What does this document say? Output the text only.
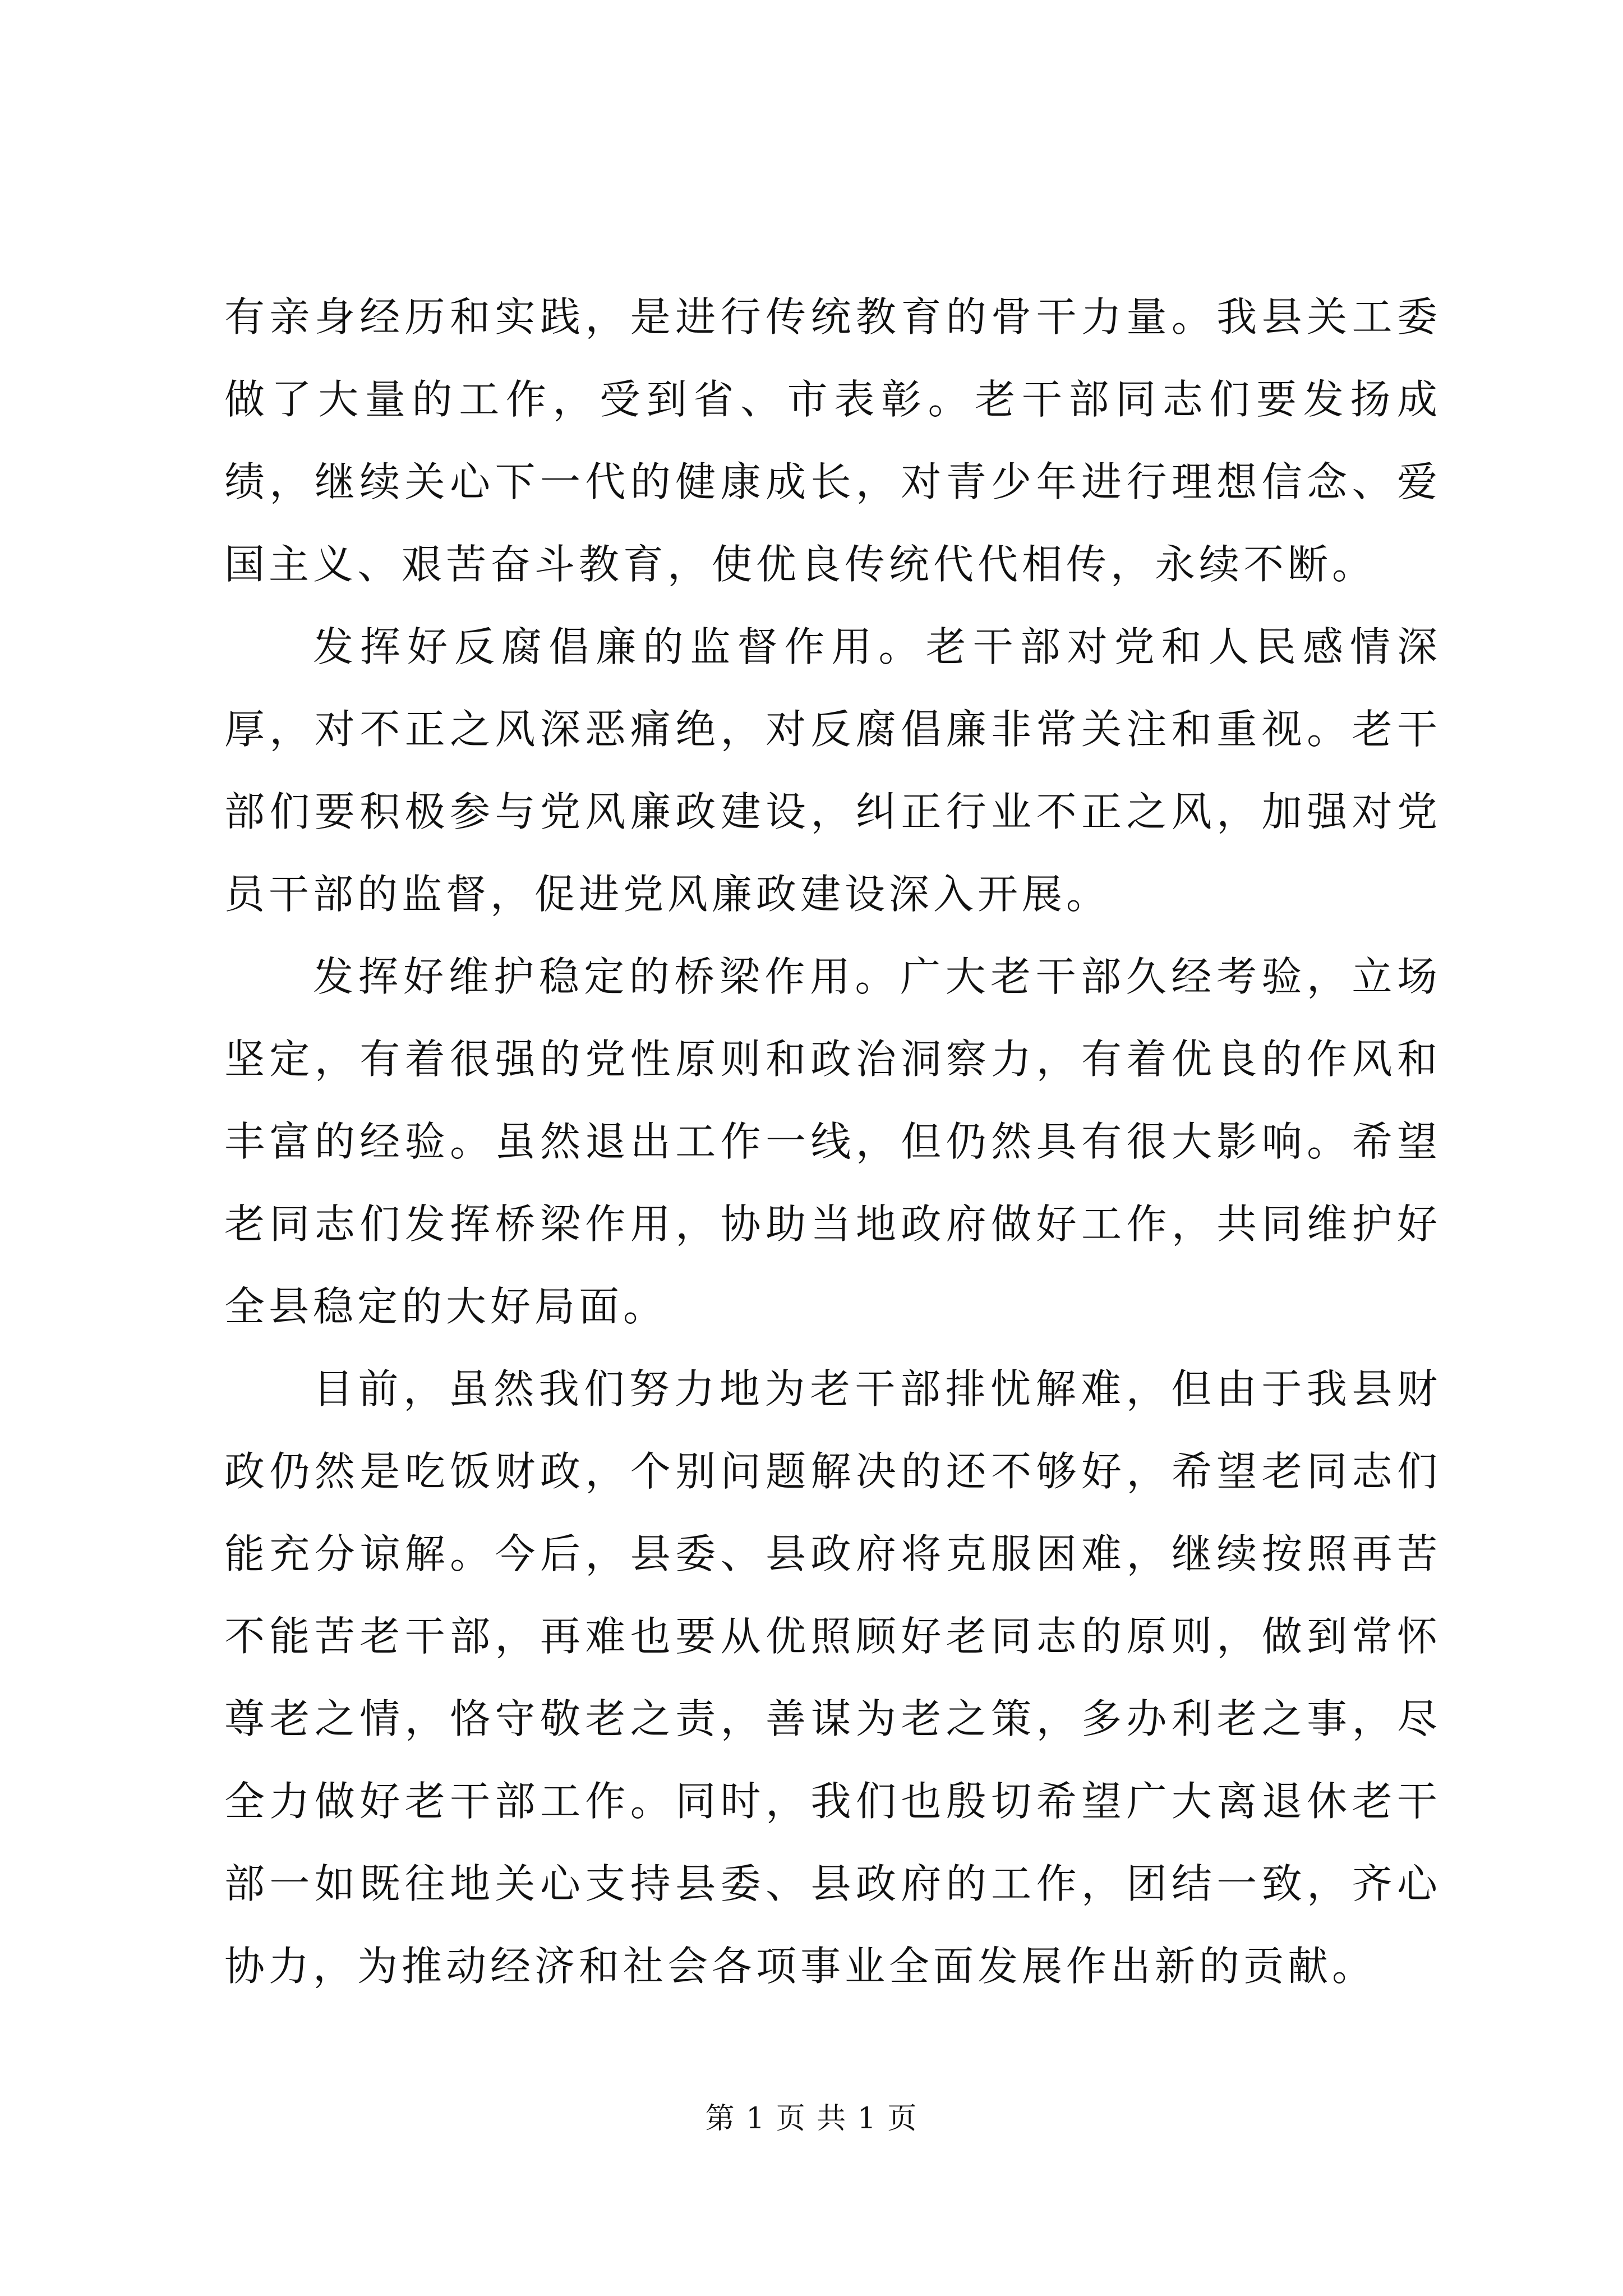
有亲身经历和实践，是进行传统教育的骨干力量。我县关工委做了大量的工作，受到省、市表彰。老干部同志们要发扬成绩，继续关心下一代的健康成长，对青少年进行理想信念、爱国主义、艰苦奋斗教育，使优良传统代代相传，永续不断。

发挥好反腐倡廉的监督作用。老干部对党和人民感情深厚，对不正之风深恶痛绝，对反腐倡廉非常关注和重视。老干部们要积极参与党风廉政建设，纠正行业不正之风，加强对党员干部的监督，促进党风廉政建设深入开展。

发挥好维护稳定的桥梁作用。广大老干部久经考验，立场坚定，有着很强的党性原则和政治洞察力，有着优良的作风和丰富的经验。虽然退出工作一线，但仍然具有很大影响。希望老同志们发挥桥梁作用，协助当地政府做好工作，共同维护好全县稳定的大好局面。

目前，虽然我们努力地为老干部排忧解难，但由于我县财政仍然是吃饭财政，个别问题解决的还不够好，希望老同志们能充分谅解。今后，县委、县政府将克服困难，继续按照再苦不能苦老干部，再难也要从优照顾好老同志的原则，做到常怀尊老之情，恪守敬老之责，善谋为老之策，多办利老之事，尽全力做好老干部工作。同时，我们也殷切希望广大离退休老干部一如既往地关心支持县委、县政府的工作，团结一致，齐心协力，为推动经济和社会各项事业全面发展作出新的贡献。

第 1 页 共 1 页
